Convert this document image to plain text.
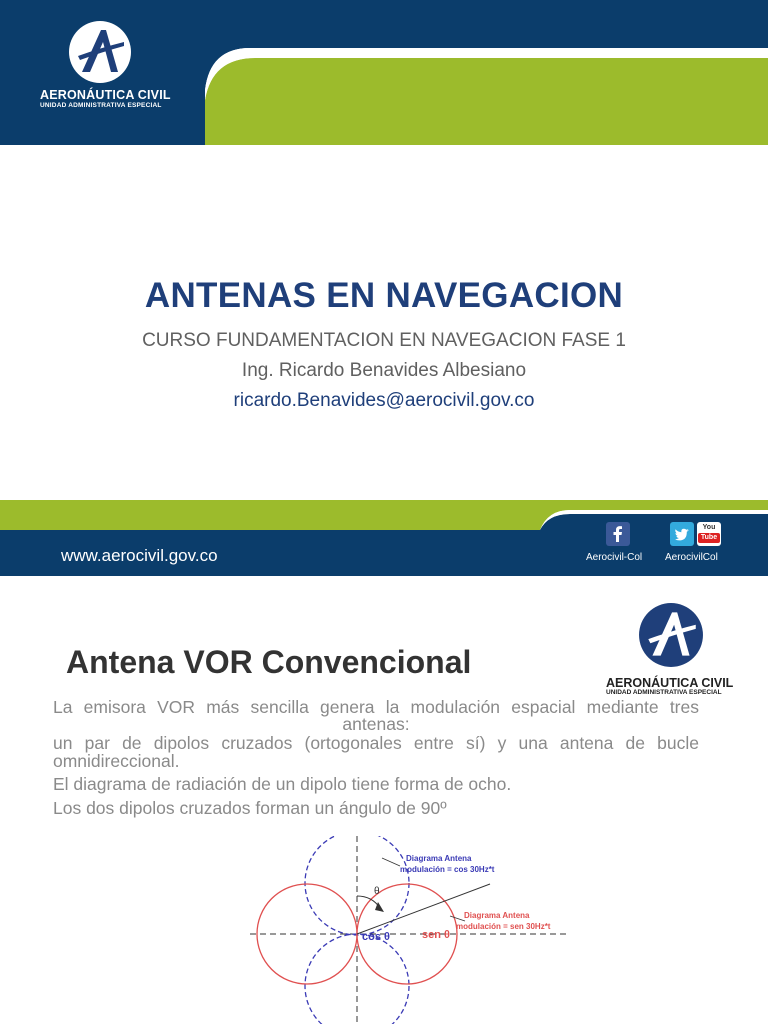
AERONÁUTICA CIVIL
UNIDAD ADMINISTRATIVA ESPECIAL
ANTENAS EN NAVEGACION
CURSO FUNDAMENTACION EN NAVEGACION FASE 1
Ing. Ricardo Benavides Albesiano
ricardo.Benavides@aerocivil.gov.co
www.aerocivil.gov.co
You
Tube
Aerocivil-Col AerocivilCol
AERONÁUTICA CIVIL
UNIDAD ADMINISTRATIVA ESPECIAL
Antena VOR Convencional
La emisora VOR más sencilla genera la modulación espacial mediante tres
antenas:
un par de dipolos cruzados (ortogonales entre sí) y una antena de bucle
omnidireccional.
El diagrama de radiación de un dipolo tiene forma de ocho.
Los dos dipolos cruzados forman un ángulo de 90º
θ
cos θ	sen θ
Diagrama Antena
modulación = cos 30Hz*t
Diagrama Antena
modulación = sen 30Hz*t
